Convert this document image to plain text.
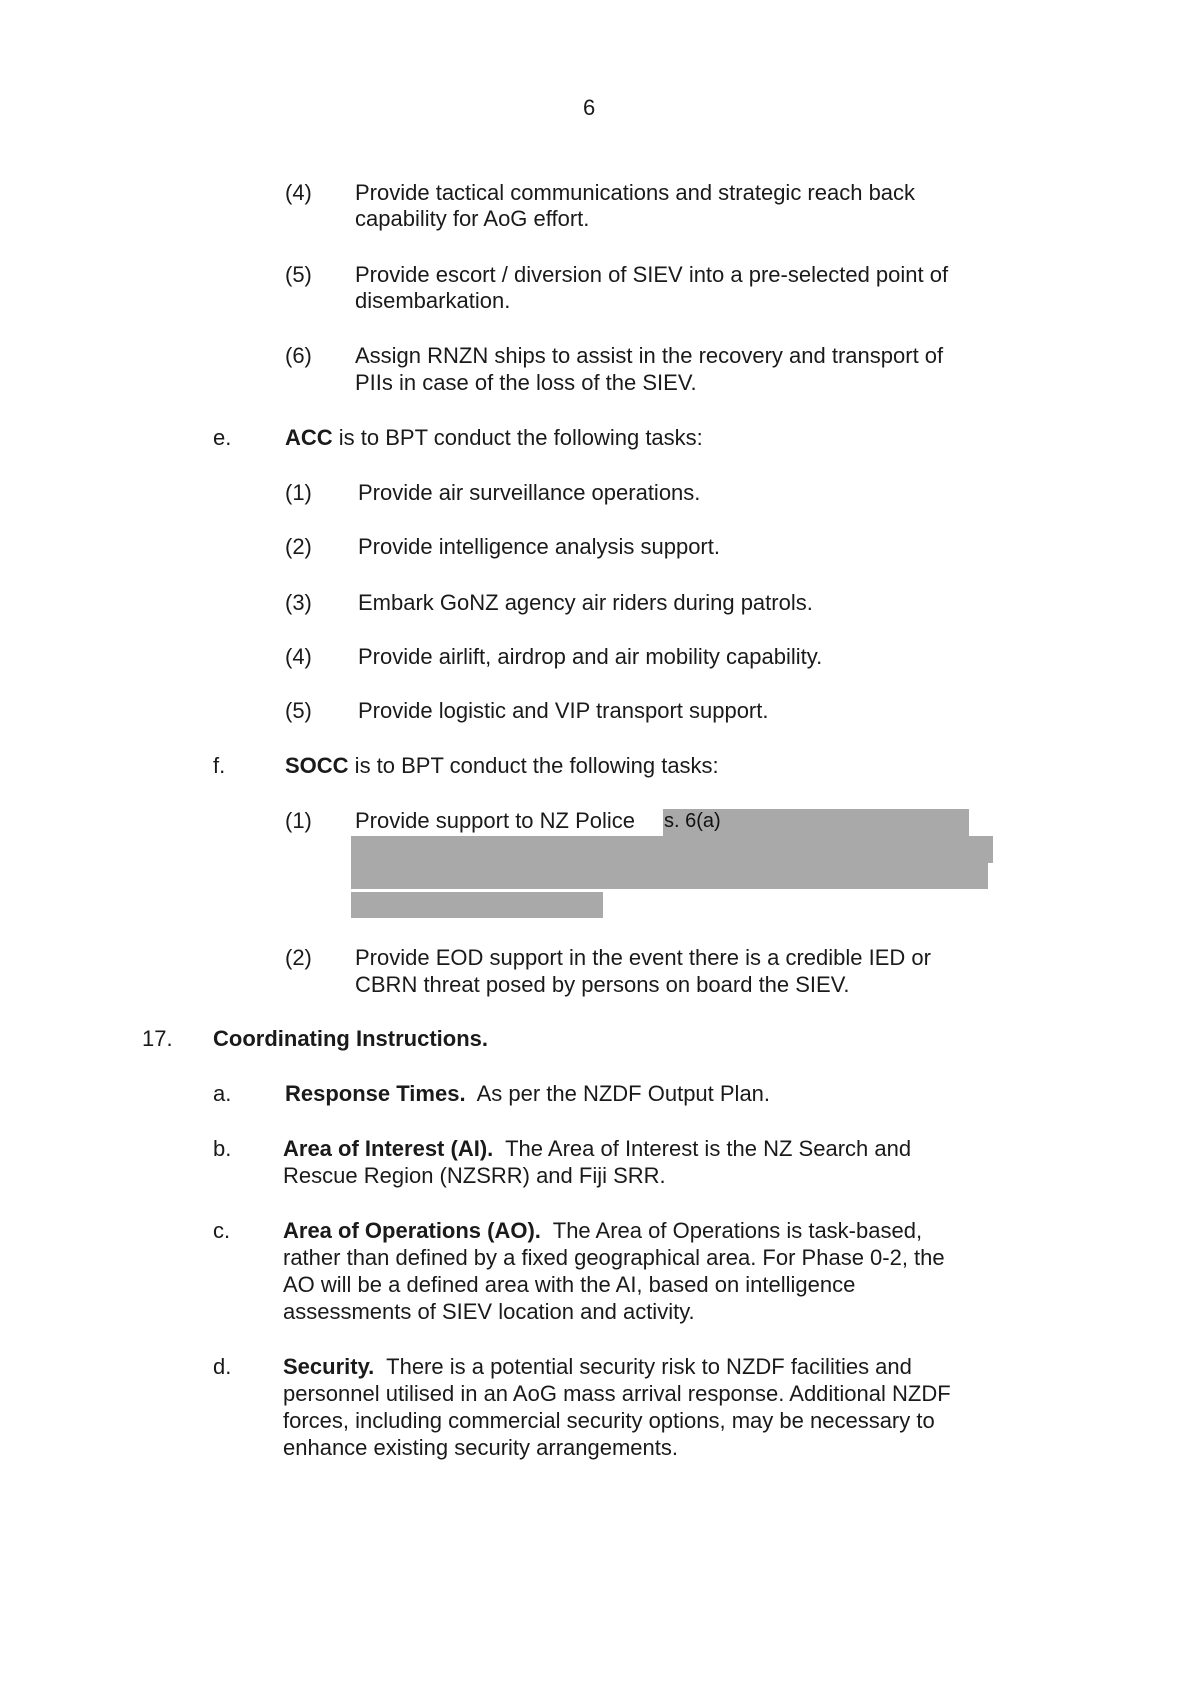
6
(4) Provide tactical communications and strategic reach back
capability for AoG effort.
(5) Provide escort / diversion of SIEV into a pre-selected point of
disembarkation.
(6) Assign RNZN ships to assist in the recovery and transport of
PIIs in case of the loss of the SIEV.
e. ACC is to BPT conduct the following tasks:
(1) Provide air surveillance operations.
(2) Provide intelligence analysis support.
(3) Embark GoNZ agency air riders during patrols.
(4) Provide airlift, airdrop and air mobility capability.
(5) Provide logistic and VIP transport support.
f.	SOCC is to BPT conduct the following tasks:
(1) Provide support to NZ Police s. 6(a)
(2) Provide EOD support in the event there is a credible IED or
CBRN threat posed by persons on board the SIEV.
17. Coordinating Instructions.
a. Response Times.  As per the NZDF Output Plan.
b. Area of Interest (AI).  The Area of Interest is the NZ Search and
Rescue Region (NZSRR) and Fiji SRR.
c. Area of Operations (AO).  The Area of Operations is task-based,
rather than defined by a fixed geographical area. For Phase 0-2, the
AO will be a defined area with the AI, based on intelligence
assessments of SIEV location and activity.
d. Security.  There is a potential security risk to NZDF facilities and
personnel utilised in an AoG mass arrival response. Additional NZDF
forces, including commercial security options, may be necessary to
enhance existing security arrangements.
